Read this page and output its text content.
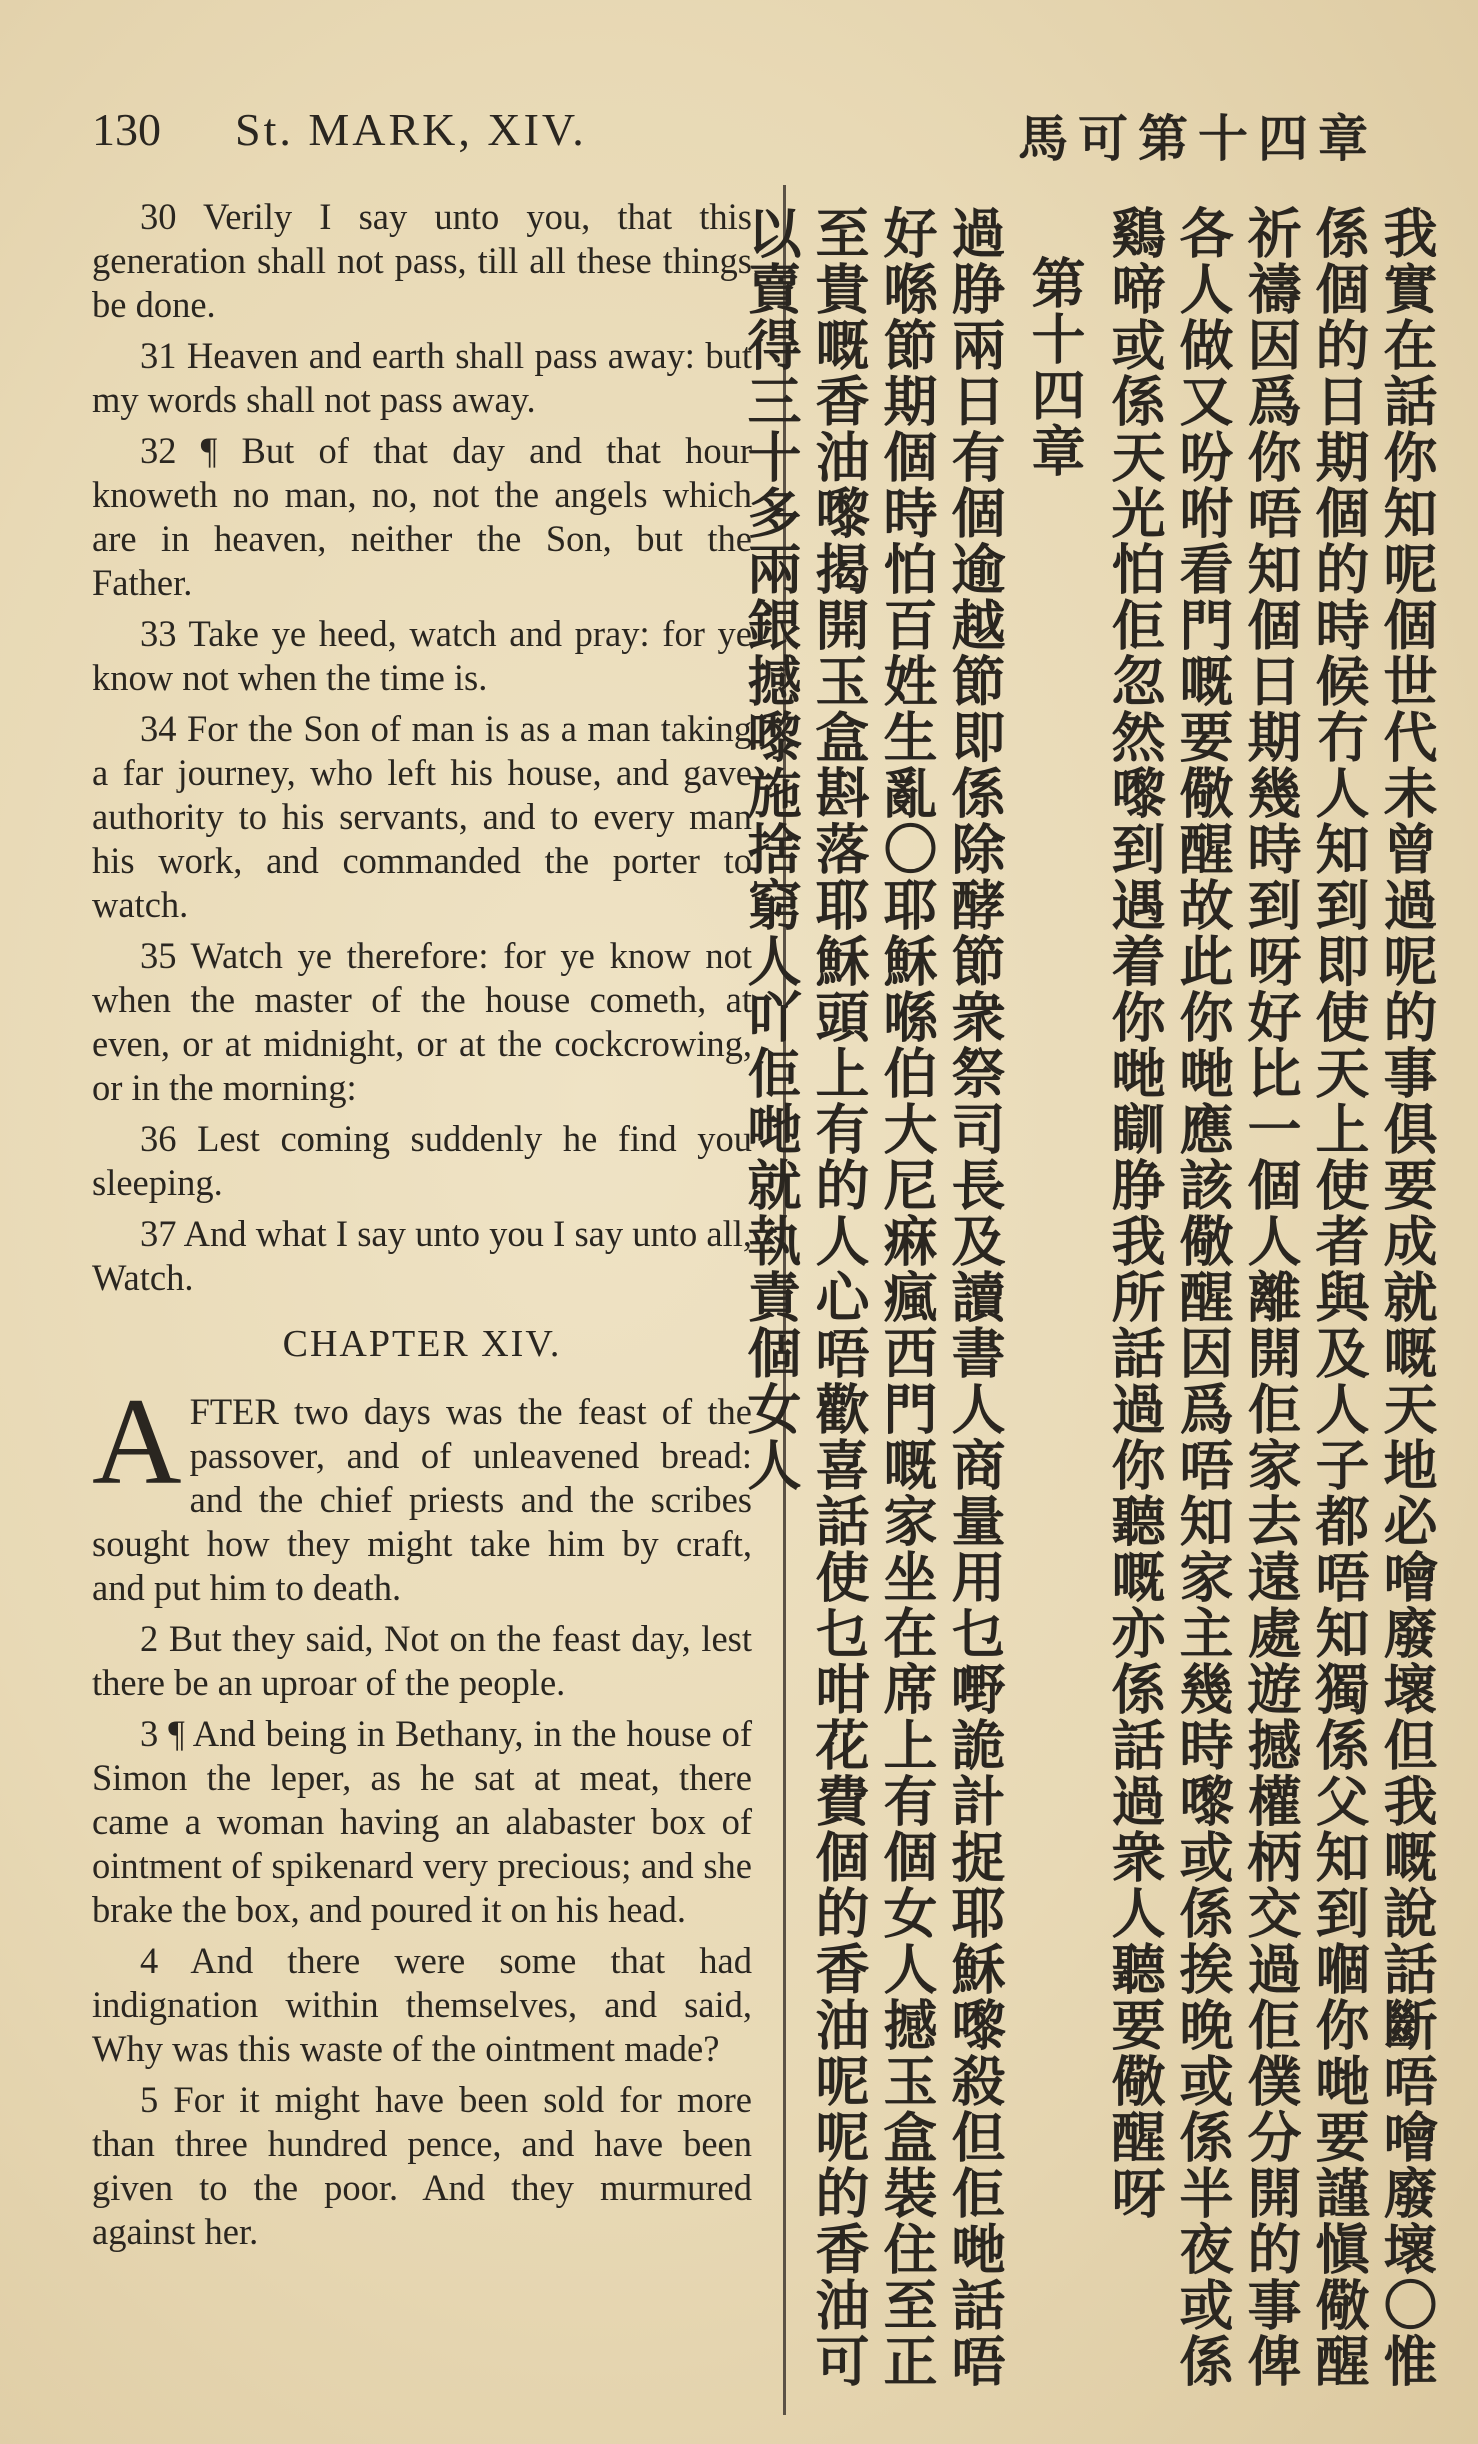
130 St. MARK, XIV.	馬可第十四章

30 Verily I say unto you, that this generation shall not pass, till all these things be done.

31 Heaven and earth shall pass away: but my words shall not pass away.

32 ¶ But of that day and that hour knoweth no man, no, not the angels which are in heaven, neither the Son, but the Father.

33 Take ye heed, watch and pray: for ye know not when the time is.

34 For the Son of man is as a man taking a far journey, who left his house, and gave authority to his servants, and to every man his work, and commanded the porter to watch.

35 Watch ye therefore: for ye know not when the master of the house cometh, at even, or at midnight, or at the cockcrowing, or in the morning:

36 Lest coming suddenly he find you sleeping.

37 And what I say unto you I say unto all, Watch.

CHAPTER XIV.

AFTER two days was the feast of the passover, and of unleavened bread: and the chief priests and the scribes sought how they might take him by craft, and put him to death.

2 But they said, Not on the feast day, lest there be an uproar of the people.

3 ¶ And being in Bethany, in the house of Simon the leper, as he sat at meat, there came a woman having an alabaster box of ointment of spikenard very precious; and she brake the box, and poured it on his head.

4 And there were some that had indignation within themselves, and said, Why was this waste of the ointment made?

5 For it might have been sold for more than three hundred pence, and have been given to the poor. And they murmured against her.	我實在話你知呢個世代未曾過呢的事俱要成就嘅天地必噲廢壞但我嘅說話斷唔噲廢壞〇惟係個的日期個的時候冇人知到即使天上使者與及人子都唔知獨係父知到嗰你哋要謹愼儆醒祈禱因爲你唔知個日期幾時到呀好比一個人離開佢家去遠處遊撼權柄交過佢僕分開的事俾各人做又吩咐看門嘅要儆醒故此你哋應該儆醒因爲唔知家主幾時嚟或係挨晚或係半夜或係鷄啼或係天光怕佢忽然嚟到遇着你哋瞓㬹我所話過你聽嘅亦係話過衆人聽要儆醒呀

第十四章

過㬹兩日有個逾越節即係除酵節衆祭司長及讀書人商量用乜嘢詭計捉耶穌嚟殺但佢哋話唔好喺節期個時怕百姓生亂〇耶穌喺伯大尼痳瘋西門嘅家坐在席上有個女人撼玉盒裝住至正至貴嘅香油嚟揭開玉盒斟落耶穌頭上有的人心唔歡喜話使乜咁花費個的香油呢呢的香油可以賣得三十多兩銀撼嚟施捨窮人吖佢哋就執責個女人
